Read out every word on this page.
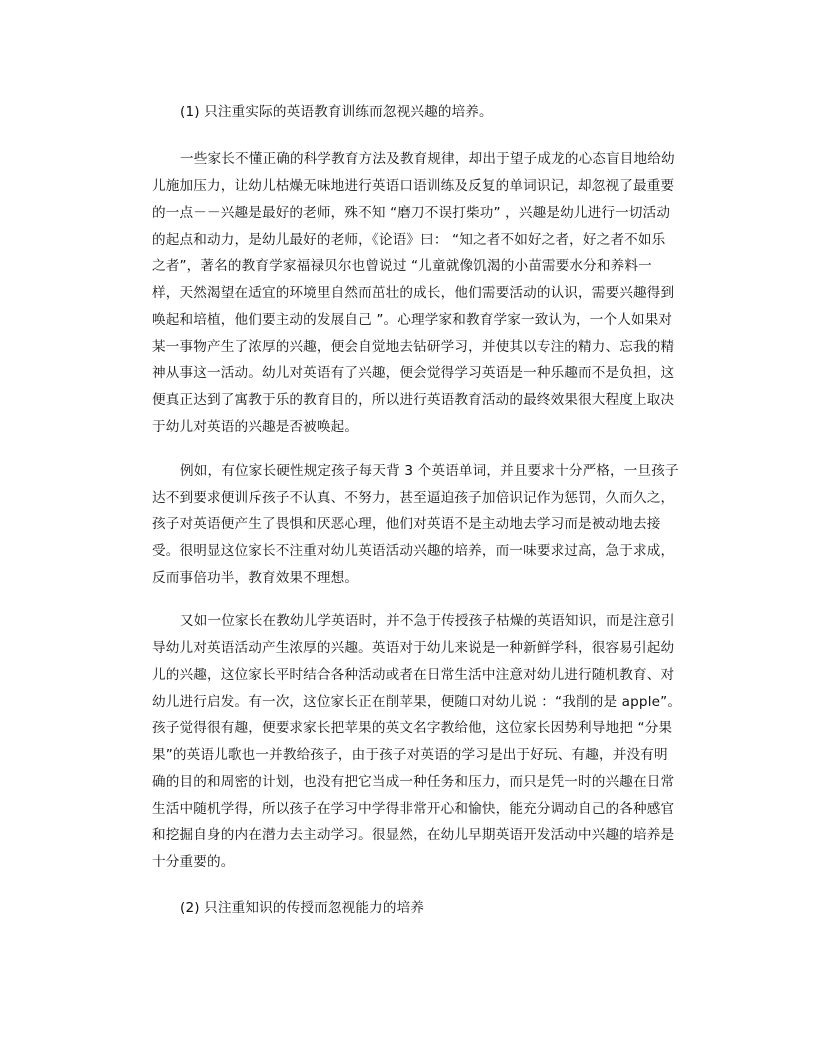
(1) 只注重实际的英语教育训练而忽视兴趣的培养。
一些家长不懂正确的科学教育方法及教育规律，却出于望子成龙的心态盲目地给幼
儿施加压力，让幼儿枯燥无味地进行英语口语训练及反复的单词识记，却忽视了最重要
的一点－－兴趣是最好的老师，殊不知 “磨刀不误打柴功” ，兴趣是幼儿进行一切活动
的起点和动力，是幼儿最好的老师，《论语》曰： “知之者不如好之者，好之者不如乐
之者”，著名的教育学家福禄贝尔也曾说过 “儿童就像饥渴的小苗需要水分和养料一
样，天然渴望在适宜的环境里自然而茁壮的成长，他们需要活动的认识，需要兴趣得到
唤起和培植，他们要主动的发展自己 ”。心理学家和教育学家一致认为，一个人如果对
某一事物产生了浓厚的兴趣，便会自觉地去钻研学习，并使其以专注的精力、忘我的精
神从事这一活动。幼儿对英语有了兴趣，便会觉得学习英语是一种乐趣而不是负担，这
便真正达到了寓教于乐的教育目的，所以进行英语教育活动的最终效果很大程度上取决
于幼儿对英语的兴趣是否被唤起。
例如，有位家长硬性规定孩子每天背 3 个英语单词，并且要求十分严格，一旦孩子
达不到要求便训斥孩子不认真、不努力，甚至逼迫孩子加倍识记作为惩罚，久而久之，
孩子对英语便产生了畏惧和厌恶心理，他们对英语不是主动地去学习而是被动地去接
受。很明显这位家长不注重对幼儿英语活动兴趣的培养，而一味要求过高，急于求成，
反而事倍功半，教育效果不理想。
又如一位家长在教幼儿学英语时，并不急于传授孩子枯燥的英语知识，而是注意引
导幼儿对英语活动产生浓厚的兴趣。英语对于幼儿来说是一种新鲜学科，很容易引起幼
儿的兴趣，这位家长平时结合各种活动或者在日常生活中注意对幼儿进行随机教育、对
幼儿进行启发。有一次，这位家长正在削苹果，便随口对幼儿说 ：“我削的是 apple”。
孩子觉得很有趣，便要求家长把苹果的英文名字教给他，这位家长因势利导地把 “分果
果”的英语儿歌也一并教给孩子，由于孩子对英语的学习是出于好玩、有趣，并没有明
确的目的和周密的计划，也没有把它当成一种任务和压力，而只是凭一时的兴趣在日常
生活中随机学得，所以孩子在学习中学得非常开心和愉快，能充分调动自己的各种感官
和挖掘自身的内在潜力去主动学习。很显然，在幼儿早期英语开发活动中兴趣的培养是
十分重要的。
(2) 只注重知识的传授而忽视能力的培养
